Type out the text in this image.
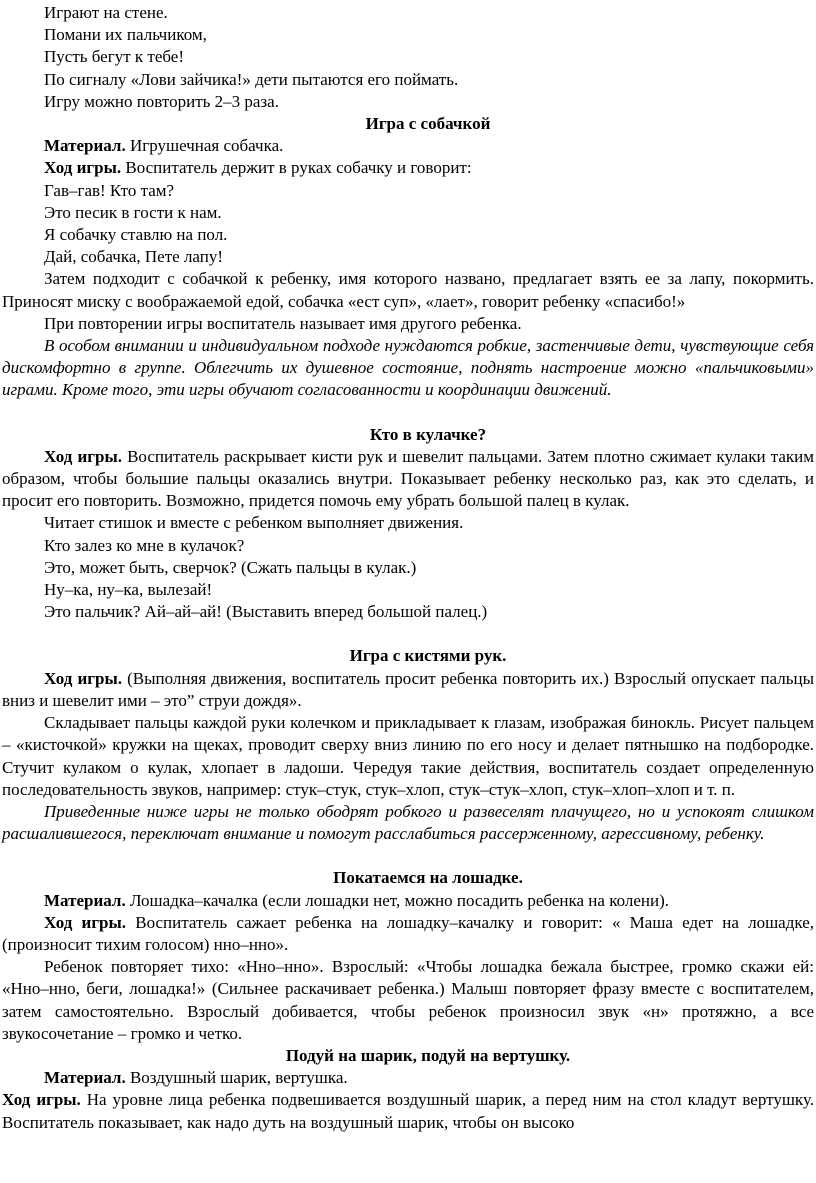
Играют на стене.
Помани их пальчиком,
Пусть бегут к тебе!
По сигналу «Лови зайчика!» дети пытаются его поймать.
Игру можно повторить 2–3 раза.
Игра с собачкой
Материал. Игрушечная собачка.
Ход игры. Воспитатель держит в руках собачку и говорит:
Гав–гав! Кто там?
Это песик в гости к нам.
Я собачку ставлю на пол.
Дай, собачка, Пете лапу!

Затем подходит с собачкой к ребенку, имя которого названо, предлагает взять ее за лапу, покормить. Приносят миску с воображаемой едой, собачка «ест суп», «лает», говорит ребенку «спасибо!»

При повторении игры воспитатель называет имя другого ребенка.

В особом внимании и индивидуальном подходе нуждаются робкие, застенчивые дети, чувствующие себя дискомфортно в группе. Облегчить их душевное состояние, поднять настроение можно «пальчиковыми» играми. Кроме того, эти игры обучают согласованности и координации движений.

Кто в кулачке?

Ход игры. Воспитатель раскрывает кисти рук и шевелит пальцами. Затем плотно сжимает кулаки таким образом, чтобы большие пальцы оказались внутри. Показывает ребенку несколько раз, как это сделать, и просит его повторить. Возможно, придется помочь ему убрать большой палец в кулак.

Читает стишок и вместе с ребенком выполняет движения.
Кто залез ко мне в кулачок?
Это, может быть, сверчок? (Сжать пальцы в кулак.)
Ну–ка, ну–ка, вылезай!
Это пальчик? Ай–ай–ай! (Выставить вперед большой палец.)
Игра с кистями рук.

Ход игры. (Выполняя движения, воспитатель просит ребенка повторить их.) Взрослый опускает пальцы вниз и шевелит ими – это” струи дождя».

Складывает пальцы каждой руки колечком и прикладывает к глазам, изображая бинокль. Рисует пальцем – «кисточкой» кружки на щеках, проводит сверху вниз линию по его носу и делает пятнышко на подбородке. Стучит кулаком о кулак, хлопает в ладоши. Чередуя такие действия, воспитатель создает определенную последовательность звуков, например: стук–стук, стук–хлоп, стук–стук–хлоп, стук–хлоп–хлоп и т. п.

Приведенные ниже игры не только ободрят робкого и развеселят плачущего, но и успокоят слишком расшалившегося, переключат внимание и помогут расслабиться рассерженному, агрессивному, ребенку.

Покатаемся на лошадке.

Материал. Лошадка–качалка (если лошадки нет, можно посадить ребенка на колени).

Ход игры. Воспитатель сажает ребенка на лошадку–качалку и говорит: « Маша едет на лошадке, (произносит тихим голосом) нно–нно».

Ребенок повторяет тихо: «Нно–нно». Взрослый: «Чтобы лошадка бежала быстрее, громко скажи ей: «Нно–нно, беги, лошадка!» (Сильнее раскачивает ребенка.) Малыш повторяет фразу вместе с воспитателем, затем самостоятельно. Взрослый добивается, чтобы ребенок произносил звук «н» протяжно, а все звукосочетание – громко и четко.

Подуй на шарик, подуй на вертушку.
Материал. Воздушный шарик, вертушка.

Ход игры. На уровне лица ребенка подвешивается воздушный шарик, а перед ним на стол кладут вертушку. Воспитатель показывает, как надо дуть на воздушный шарик, чтобы он высоко
